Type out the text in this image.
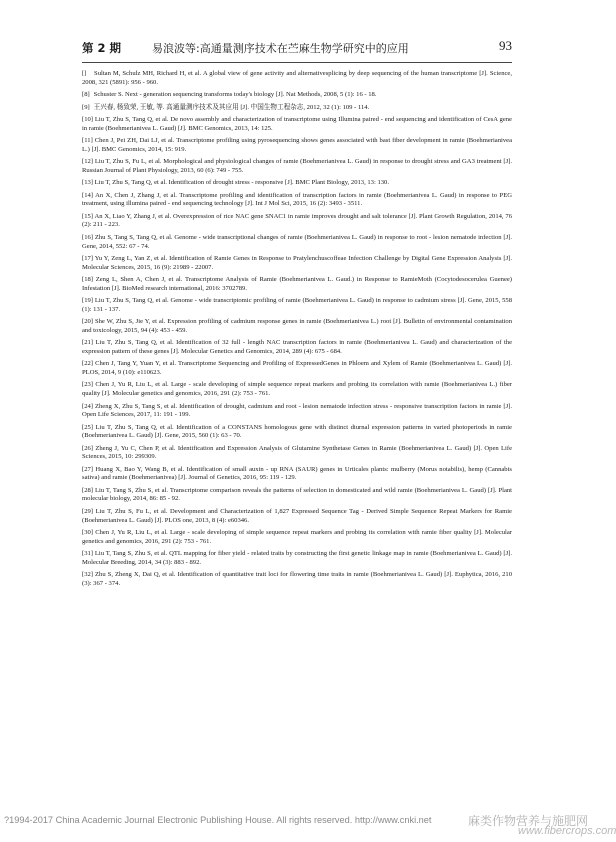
第 2 期	易浪波等:高通量测序技术在苎麻生物学研究中的应用	93

[ ] Sultan M, Schulz MH, Richard H, et al. A global view of gene activity and alternativesplicing by deep sequencing of the human transcriptome [J]. Science, 2008, 321 (5891): 956 - 960.

[ 8 ] Schuster S. Next - generation sequencing transforms today's biology [J]. Nat Methods, 2008, 5 (1): 16 - 18.

[ 9 ] 王兴春, 杨致荣, 王敏, 等. 高通量测序技术及其应用 [J]. 中国生物工程杂志, 2012, 32 (1): 109 - 114.

[ 10 ] Liu T, Zhu S, Tang Q, et al. De novo assembly and characterization of transcriptome using Illumina paired - end sequencing and identification of CesA gene in ramie (Boehmerianivea L. Gaud) [J]. BMC Genomics, 2013, 14: 125.

[ 11 ] Chen J, Pei ZH, Dai LJ, et al. Transcriptome profiling using pyrosequencing shows genes associated with bast fiber development in ramie (Boehmerianivea L.) [J]. BMC Genomics, 2014, 15: 919.

[ 12 ] Liu T, Zhu S, Fu L, et al. Morphological and physiological changes of ramie (Boehmerianivea L. Gaud) in response to drought stress and GA3 treatment [J]. Russian Journal of Plant Physiology, 2013, 60 (6): 749 - 755.

[ 13 ] Liu T, Zhu S, Tang Q, et al. Identification of drought stress - responsive [J]. BMC Plant Biology, 2013, 13: 130.

[ 14 ] An X, Chen J, Zhang J, et al. Transcriptome profiling and identification of transcription factors in ramie (Boehmerianivea L. Gaud) in response to PEG treatment, using illumina paired - end sequencing technology [J]. Int J Mol Sci, 2015, 16 (2): 3493 - 3511.

[ 15 ] An X, Liao Y, Zhang J, et al. Overexpression of rice NAC gene SNAC1 in ramie improves drought and salt tolerance [J]. Plant Growth Regulation, 2014, 76 (2): 211 - 223.

[ 16 ] Zhu S, Tang S, Tang Q, et al. Genome - wide transcriptional changes of ramie (Boehmerianivea L. Gaud) in response to root - lesion nematode infection [J]. Gene, 2014, 552: 67 - 74.

[ 17 ] Yu Y, Zeng L, Yan Z, et al. Identification of Ramie Genes in Response to Pratylenchuscoffeae Infection Challenge by Digital Gene Expression Analysis [J]. Molecular Sciences, 2015, 16 (9): 21989 - 22007.

[ 18 ] Zeng L, Shen A, Chen J, et al. Transcriptome Analysis of Ramie (Boehmerianivea L. Gaud.) in Response to RamieMoth (Cocytodesocerulea Guenee) Infestation [J]. BioMed research international, 2016: 3702789.

[ 19 ] Liu T, Zhu S, Tang Q, et al. Genome - wide transcriptomic profiling of ramie (Boehmerianivea L. Gaud) in response to cadmium stress [J]. Gene, 2015, 558 (1): 131 - 137.

[ 20 ] She W, Zhu S, Jie Y, et al. Expression profiling of cadmium response genes in ramie (Boehmerianivea L.) root [J]. Bulletin of environmental contamination and toxicology, 2015, 94 (4): 453 - 459.

[ 21 ] Liu T, Zhu S, Tang Q, et al. Identification of 32 full - length NAC transcription factors in ramie (Boehmerianivea L. Gaud) and characterization of the expression pattern of these genes [J]. Molecular Genetics and Genomics, 2014, 289 (4): 675 - 684.

[ 22 ] Chen J, Tang Y, Yuan Y, et al. Transcriptome Sequencing and Profiling of ExpressedGenes in Phloem and Xylem of Ramie (Boehmerianivea L. Gaud) [J]. PLOS, 2014, 9 (10): e110623.

[ 23 ] Chen J, Yu R, Liu L, et al. Large - scale developing of simple sequence repeat markers and probing its correlation with ramie (Boehmerianivea L.) fiber quality [J]. Molecular genetics and genomics, 2016, 291 (2): 753 - 761.

[ 24 ] Zheng X, Zhu S, Tang S, et al. Identification of drought, cadmium and root - lesion nematode infection stress - responsive transcription factors in ramie [J]. Open Life Sciences, 2017, 11: 191 - 199.

[ 25 ] Liu T, Zhu S, Tang Q, et al. Identification of a CONSTANS homologous gene with distinct diurnal expression patterns in varied photoperiods in ramie (Boehmerianivea L. Gaud) [J]. Gene, 2015, 560 (1): 63 - 70.

[ 26 ] Zheng J, Yu C, Chen P, et al. Identification and Expression Analysis of Glutamine Synthetase Genes in Ramie (Boehmerianivea L. Gaud) [J]. Open Life Sciences, 2015, 10: 299309.

[ 27 ] Huang X, Bao Y, Wang B, et al. Identification of small auxin - up RNA (SAUR) genes in Urticales plants: mulberry (Morus notabilis), hemp (Cannabis sativa) and ramie (Boehmerianivea) [J]. Journal of Genetics, 2016, 95: 119 - 129.

[ 28 ] Liu T, Tang S, Zhu S, et al. Transcriptome comparison reveals the patterns of selection in domesticated and wild ramie (Boehmerianivea L. Gaud) [J]. Plant molecular biology, 2014, 86: 85 - 92.

[ 29 ] Liu T, Zhu S, Fu L, et al. Development and Characterization of 1,827 Expressed Sequence Tag - Derived Simple Sequence Repeat Markers for Ramie (Boehmerianivea L. Gaud) [J]. PLOS one, 2013, 8 (4): e60346.

[ 30 ] Chen J, Yu R, Liu L, et al. Large - scale developing of simple sequence repeat markers and probing its correlation with ramie fiber quality [J]. Molecular genetics and genomics, 2016, 291 (2): 753 - 761.

[ 31 ] Liu T, Tang S, Zhu S, et al. QTL mapping for fiber yield - related traits by constructing the first genetic linkage map in ramie (Boehmerianivea L. Gaud) [J]. Molecular Breeding, 2014, 34 (3): 883 - 892.

[ 32 ] Zhu S, Zheng X, Dai Q, et al. Identification of quantitative trait loci for flowering time traits in ramie (Boehmerianivea L. Gaud) [J]. Euphytica, 2016, 210 (3): 367 - 374.

?1994-2017 China Academic Journal Electronic Publishing House. All rights reserved. http://www.cnki.net	麻类作物营养与施肥网
www.fibercrops.com
